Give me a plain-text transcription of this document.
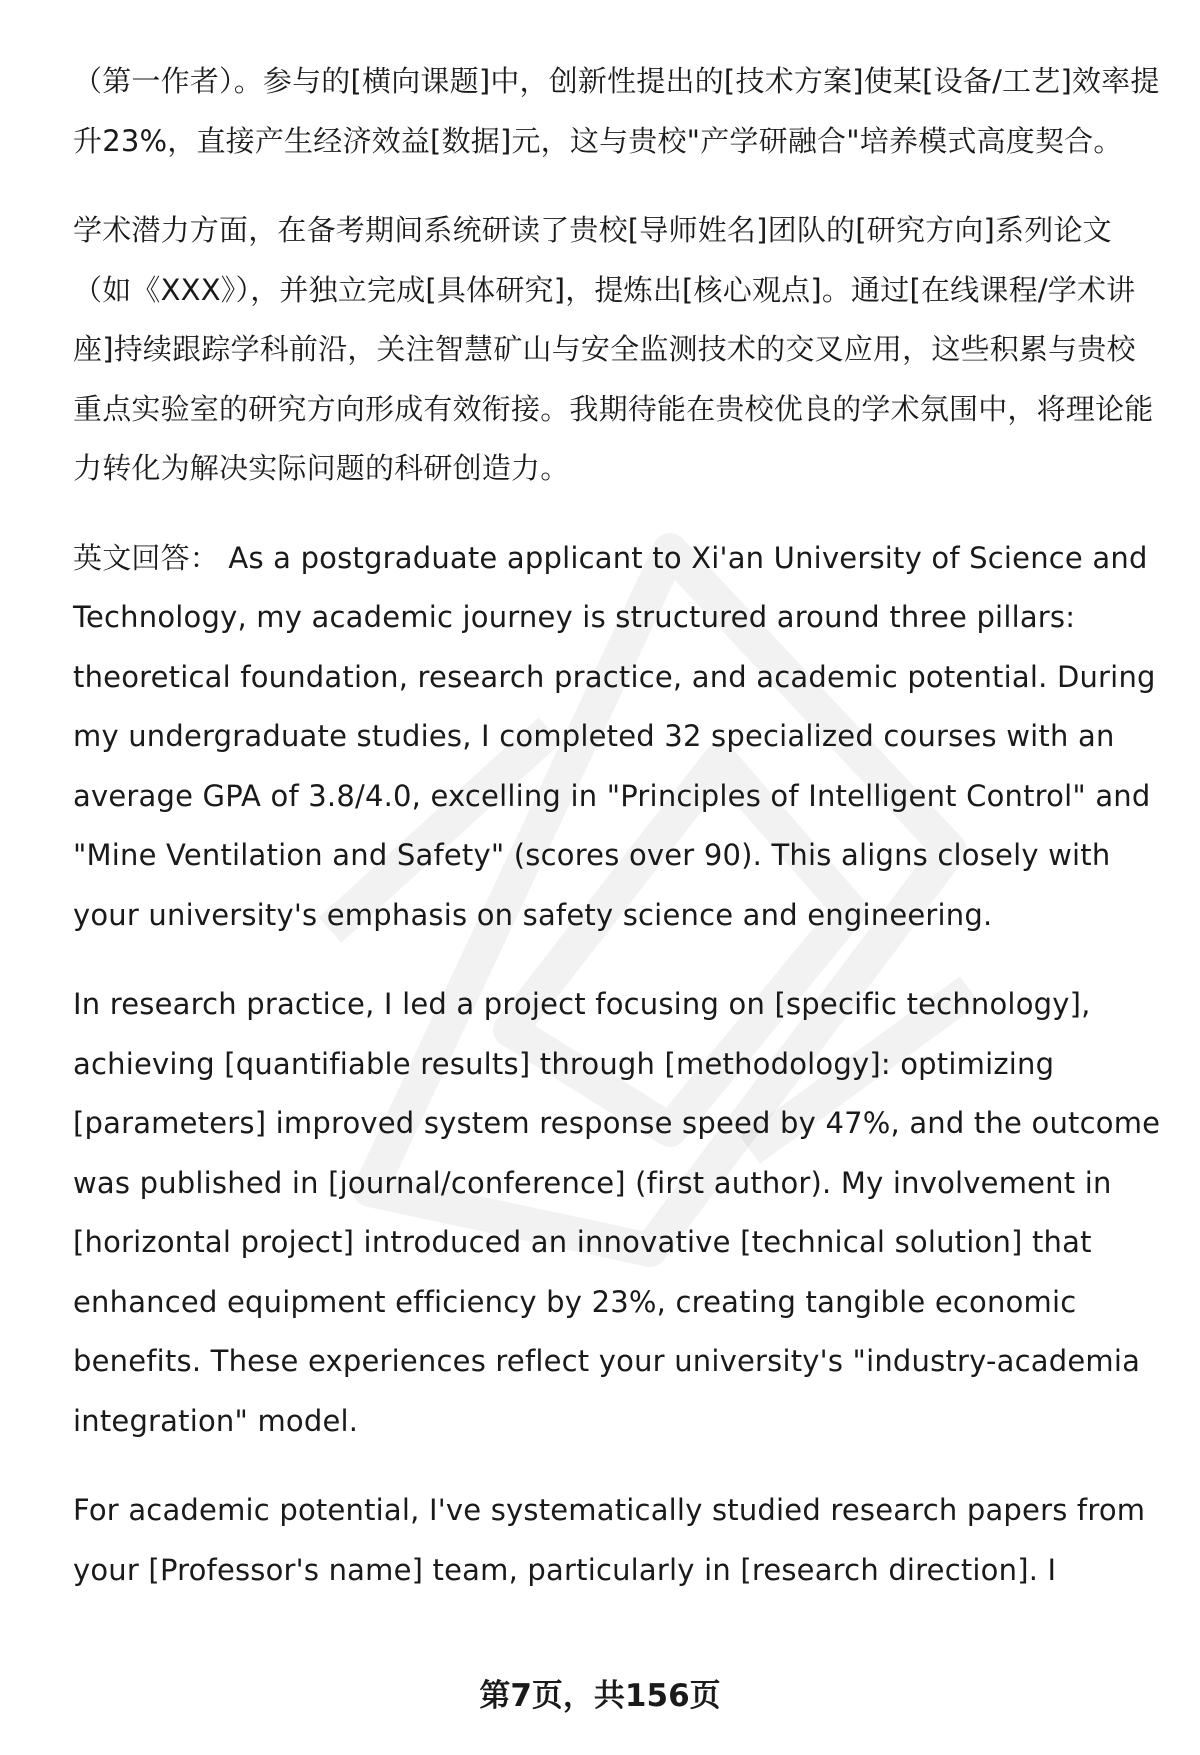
（第一作者）。参与的[横向课题]中，创新性提出的[技术方案]使某[设备/工艺]效率提升23%，直接产生经济效益[数据]元，这与贵校"产学研融合"培养模式高度契合。

学术潜力方面，在备考期间系统研读了贵校[导师姓名]团队的[研究方向]系列论文（如《XXX》），并独立完成[具体研究]，提炼出[核心观点]。通过[在线课程/学术讲座]持续跟踪学科前沿，关注智慧矿山与安全监测技术的交叉应用，这些积累与贵校重点实验室的研究方向形成有效衔接。我期待能在贵校优良的学术氛围中，将理论能力转化为解决实际问题的科研创造力。

英文回答： As a postgraduate applicant to Xi'an University of Science and Technology, my academic journey is structured around three pillars: theoretical foundation, research practice, and academic potential. During my undergraduate studies, I completed 32 specialized courses with an average GPA of 3.8/4.0, excelling in "Principles of Intelligent Control" and "Mine Ventilation and Safety" (scores over 90). This aligns closely with your university's emphasis on safety science and engineering.

In research practice, I led a project focusing on [specific technology], achieving [quantifiable results] through [methodology]: optimizing [parameters] improved system response speed by 47%, and the outcome was published in [journal/conference] (first author). My involvement in [horizontal project] introduced an innovative [technical solution] that enhanced equipment efficiency by 23%, creating tangible economic benefits. These experiences reflect your university's "industry-academia integration" model.

For academic potential, I've systematically studied research papers from your [Professor's name] team, particularly in [research direction]. I

第7页，共156页
